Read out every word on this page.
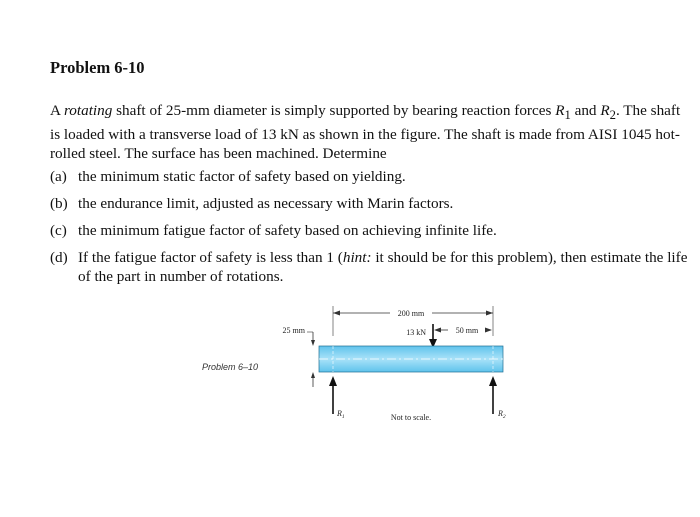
Problem 6-10

A rotating shaft of 25-mm diameter is simply supported by bearing reaction forces $R_1$ and $R_2$. The shaft is loaded with a transverse load of 13 kN as shown in the figure. The shaft is made from AISI 1045 hot-rolled steel. The surface has been machined. Determine

(a) the minimum static factor of safety based on yielding.
(b) the endurance limit, adjusted as necessary with Marin factors.
(c) the minimum fatigue factor of safety based on achieving infinite life.
(d) If the fatigue factor of safety is less than 1 (hint: it should be for this problem), then estimate the life of the part in number of rotations.
Problem 6–10
200 mm
50 mm
13 kN
25 mm
$R_1$	$R_2$
Not to scale.
